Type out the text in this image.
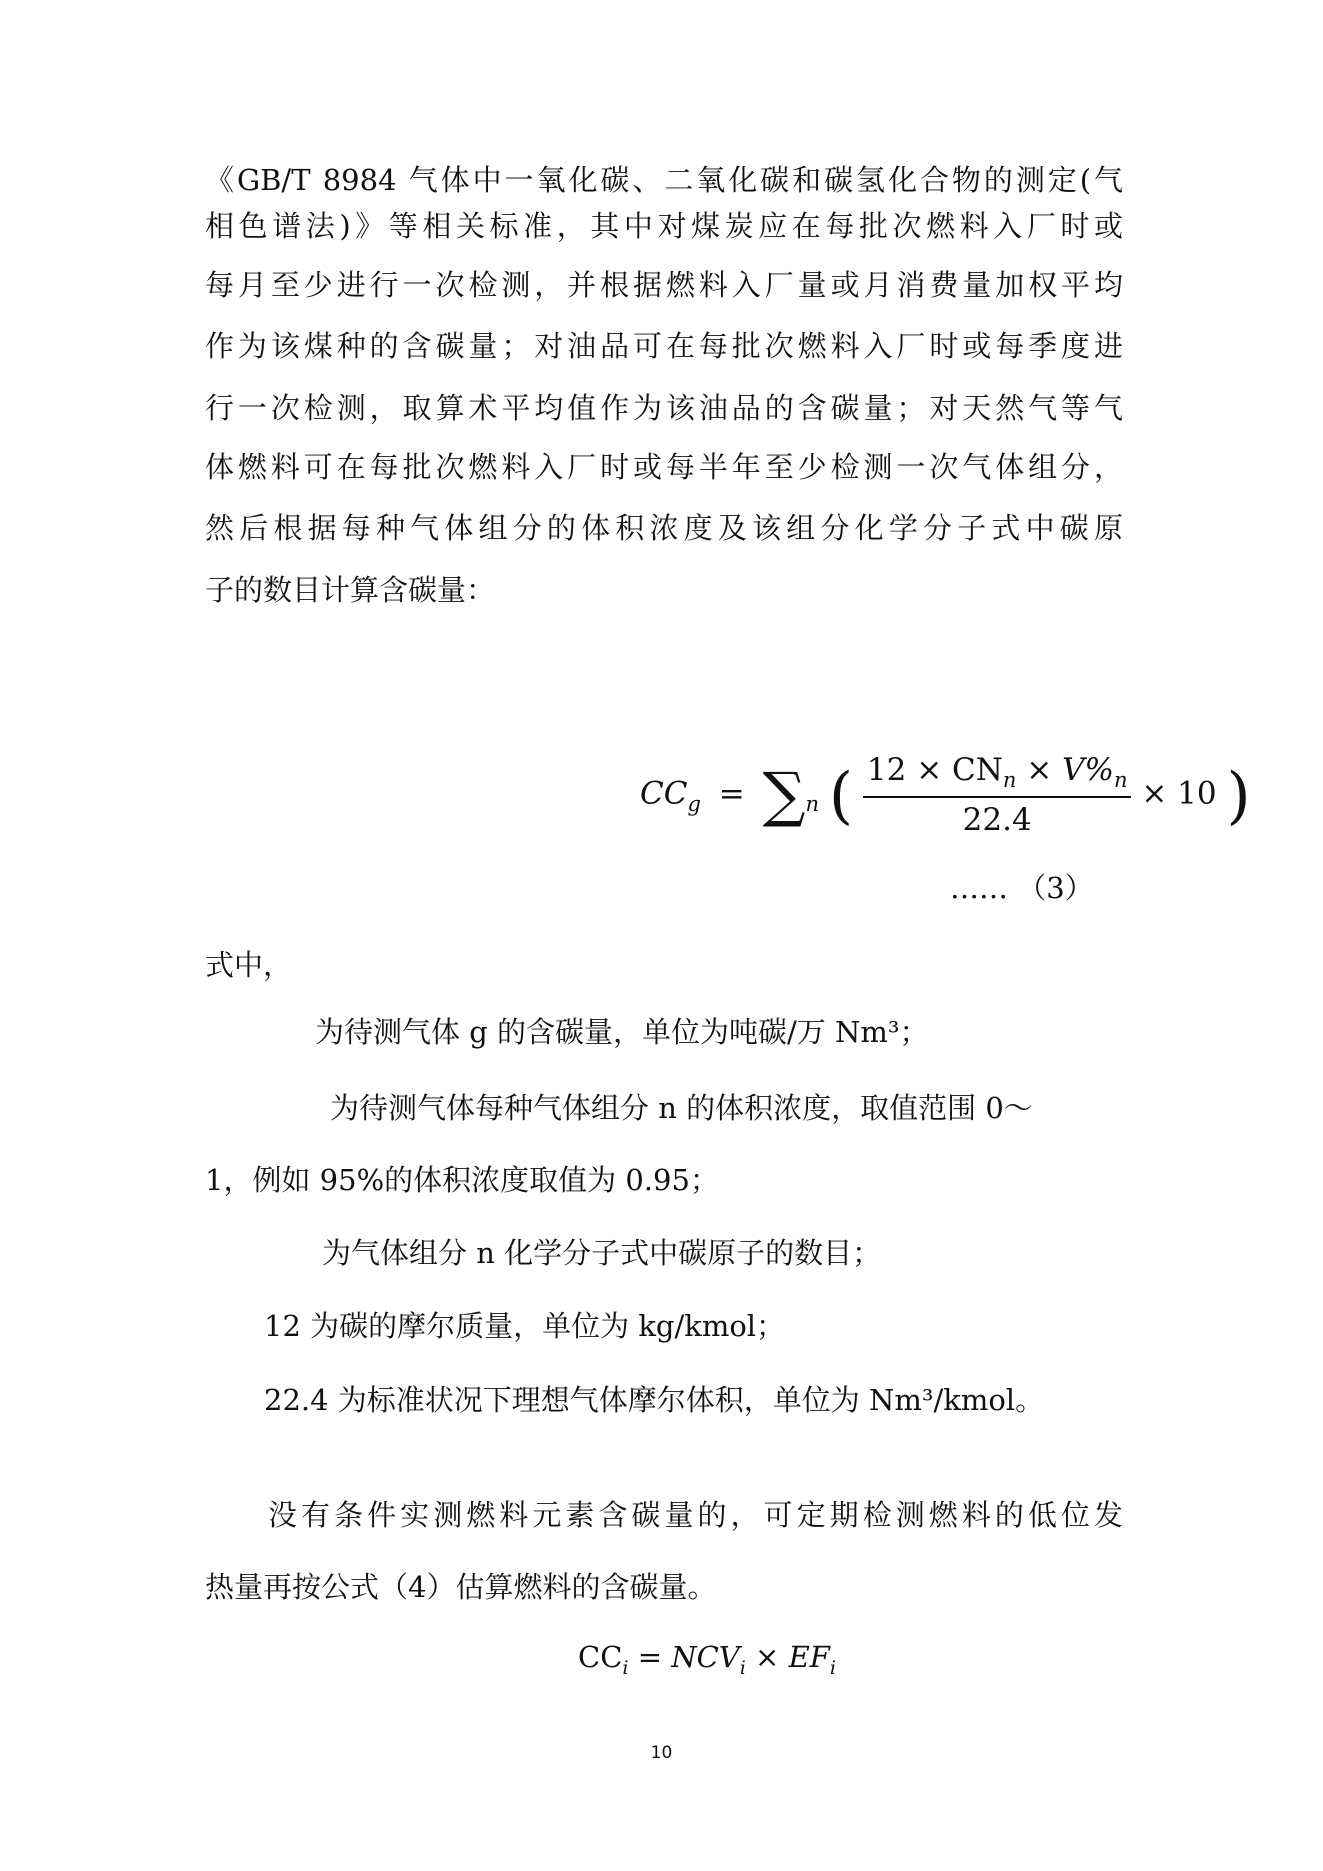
《GB/T 8984 气体中一氧化碳、二氧化碳和碳氢化合物的测定(气
相色谱法)》等相关标准，其中对煤炭应在每批次燃料入厂时或
每月至少进行一次检测，并根据燃料入厂量或月消费量加权平均
作为该煤种的含碳量；对油品可在每批次燃料入厂时或每季度进
行一次检测，取算术平均值作为该油品的含碳量；对天然气等气
体燃料可在每批次燃料入厂时或每半年至少检测一次气体组分，
然后根据每种气体组分的体积浓度及该组分化学分子式中碳原
子的数目计算含碳量：
$CC_g = \sum_n$ ( $\frac{12 \times CN_n \times V\%_n}{22.4} \times 10$ )
…… （3）
式中，
为待测气体 g 的含碳量，单位为吨碳/万 Nm³；
为待测气体每种气体组分 n 的体积浓度，取值范围 0～
1，例如 95%的体积浓度取值为 0.95；
为气体组分 n 化学分子式中碳原子的数目；
12 为碳的摩尔质量，单位为 kg/kmol；
22.4 为标准状况下理想气体摩尔体积，单位为 Nm³/kmol。
没有条件实测燃料元素含碳量的，可定期检测燃料的低位发
热量再按公式（4）估算燃料的含碳量。
$CC_i = NCV_i \times EF_i$
10
